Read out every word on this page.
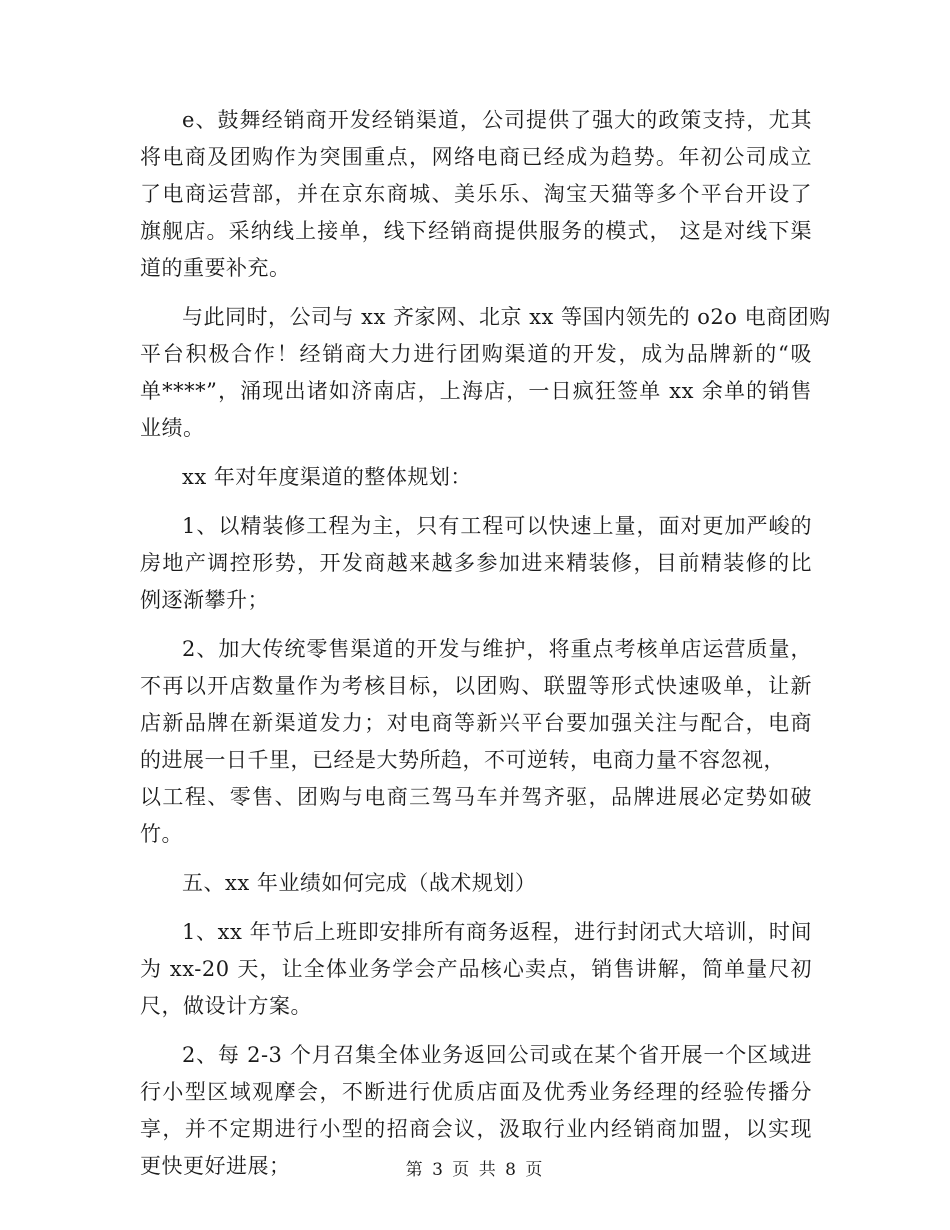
e、鼓舞经销商开发经销渠道，公司提供了强大的政策支持，尤其
将电商及团购作为突围重点，网络电商已经成为趋势。年初公司成立
了电商运营部，并在京东商城、美乐乐、淘宝天猫等多个平台开设了
旗舰店。采纳线上接单，线下经销商提供服务的模式， 这是对线下渠
道的重要补充。
与此同时，公司与 xx 齐家网、北京 xx 等国内领先的 o2o 电商团购
平台积极合作！经销商大力进行团购渠道的开发，成为品牌新的“吸
单****”，涌现出诸如济南店，上海店，一日疯狂签单 xx 余单的销售
业绩。
xx 年对年度渠道的整体规划：
1、以精装修工程为主，只有工程可以快速上量，面对更加严峻的
房地产调控形势，开发商越来越多参加进来精装修，目前精装修的比
例逐渐攀升；
2、加大传统零售渠道的开发与维护，将重点考核单店运营质量，
不再以开店数量作为考核目标，以团购、联盟等形式快速吸单，让新
店新品牌在新渠道发力；对电商等新兴平台要加强关注与配合，电商
的进展一日千里，已经是大势所趋，不可逆转，电商力量不容忽视，
以工程、零售、团购与电商三驾马车并驾齐驱，品牌进展必定势如破
竹。
五、xx 年业绩如何完成（战术规划）
1、xx 年节后上班即安排所有商务返程，进行封闭式大培训，时间
为 xx-20 天，让全体业务学会产品核心卖点，销售讲解，简单量尺初
尺，做设计方案。
2、每 2-3 个月召集全体业务返回公司或在某个省开展一个区域进
行小型区域观摩会，不断进行优质店面及优秀业务经理的经验传播分
享，并不定期进行小型的招商会议，汲取行业内经销商加盟，以实现
更快更好进展；	第 3 页 共 8 页
